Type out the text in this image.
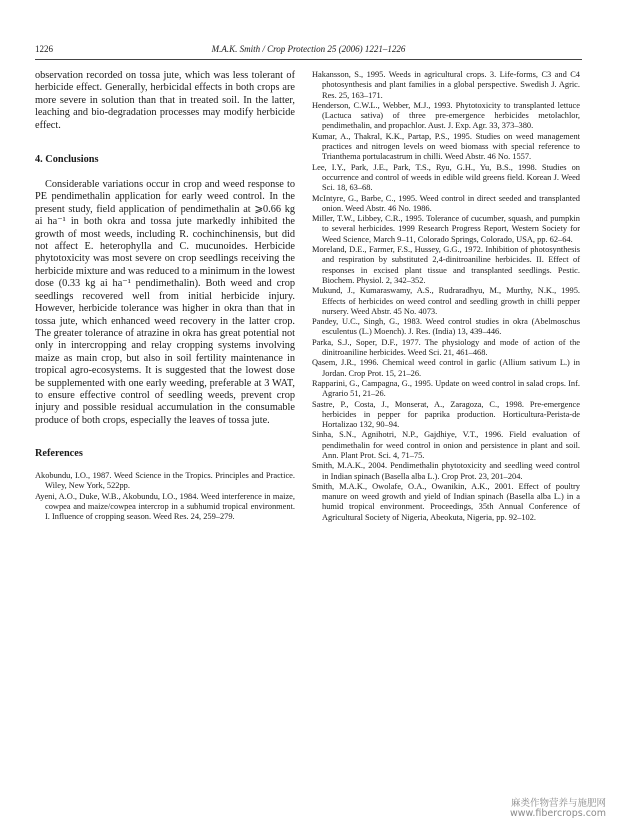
1226	M.A.K. Smith / Crop Protection 25 (2006) 1221–1226

observation recorded on tossa jute, which was less tolerant of herbicide effect. Generally, herbicidal effects in both crops are more severe in solution than that in treated soil. In the latter, leaching and bio-degradation processes may modify herbicide effect.

4. Conclusions

Considerable variations occur in crop and weed response to PE pendimethalin application for early weed control. In the present study, field application of pendimethalin at ⩾0.66 kg ai ha⁻¹ in both okra and tossa jute markedly inhibited the growth of most weeds, including R. cochinchinensis, but did not affect E. heterophylla and C. mucunoides. Herbicide phytotoxicity was most severe on crop seedlings receiving the herbicide mixture and was reduced to a minimum in the lowest dose (0.33 kg ai ha⁻¹ pendimethalin). Both weed and crop seedlings recovered well from initial herbicide injury. However, herbicide tolerance was higher in okra than that in tossa jute, which enhanced weed recovery in the latter crop. The greater tolerance of atrazine in okra has great potential not only in intercropping and relay cropping systems involving maize as main crop, but also in soil fertility maintenance in tropical agro-ecosystems. It is suggested that the lowest dose be supplemented with one early weeding, preferable at 3 WAT, to ensure effective control of seedling weeds, prevent crop injury and possible residual accumulation in the consumable produce of both crops, especially the leaves of tossa jute.

References

Akobundu, I.O., 1987. Weed Science in the Tropics. Principles and Practice. Wiley, New York, 522pp.

Ayeni, A.O., Duke, W.B., Akobundu, I.O., 1984. Weed interference in maize, cowpea and maize/cowpea intercrop in a subhumid tropical environment. I. Influence of cropping season. Weed Res. 24, 259–279.

Hakansson, S., 1995. Weeds in agricultural crops. 3. Life-forms, C3 and C4 photosynthesis and plant families in a global perspective. Swedish J. Agric. Res. 25, 163–171.

Henderson, C.W.L., Webber, M.J., 1993. Phytotoxicity to transplanted lettuce (Lactuca sativa) of three pre-emergence herbicides metolachlor, pendimethalin, and propachlor. Aust. J. Exp. Agr. 33, 373–380.

Kumar, A., Thakral, K.K., Partap, P.S., 1995. Studies on weed management practices and nitrogen levels on weed biomass with special reference to Trianthema portulacastrum in chilli. Weed Abstr. 46 No. 1557.

Lee, I.Y., Park, J.E., Park, T.S., Ryu, G.H., Yu, B.S., 1998. Studies on occurrence and control of weeds in edible wild greens field. Korean J. Weed Sci. 18, 63–68.

McIntyre, G., Barbe, C., 1995. Weed control in direct seeded and transplanted onion. Weed Abstr. 46 No. 1986.

Miller, T.W., Libbey, C.R., 1995. Tolerance of cucumber, squash, and pumpkin to several herbicides. 1999 Research Progress Report, Western Society for Weed Science, March 9–11, Colorado Springs, Colorado, USA, pp. 62–64.

Moreland, D.E., Farmer, F.S., Hussey, G.G., 1972. Inhibition of photosynthesis and respiration by substituted 2,4-dinitroaniline herbicides. II. Effect of responses in excised plant tissue and transplanted seedlings. Pestic. Biochem. Physiol. 2, 342–352.

Mukund, J., Kumaraswamy, A.S., Rudraradhyu, M., Murthy, N.K., 1995. Effects of herbicides on weed control and seedling growth in chilli pepper nursery. Weed Abstr. 45 No. 4073.

Pandey, U.C., Singh, G., 1983. Weed control studies in okra (Abelmoschus esculentus (L.) Moench). J. Res. (India) 13, 439–446.

Parka, S.J., Soper, D.F., 1977. The physiology and mode of action of the dinitroaniline herbicides. Weed Sci. 21, 461–468.

Qasem, J.R., 1996. Chemical weed control in garlic (Allium sativum L.) in Jordan. Crop Prot. 15, 21–26.

Rapparini, G., Campagna, G., 1995. Update on weed control in salad crops. Inf. Agrario 51, 21–26.

Sastre, P., Costa, J., Monserat, A., Zaragoza, C., 1998. Pre-emergence herbicides in pepper for paprika production. Horticultura-Perista-de Hortalizao 132, 90–94.

Sinha, S.N., Agnihotri, N.P., Gajdhiye, V.T., 1996. Field evaluation of pendimethalin for weed control in onion and persistence in plant and soil. Ann. Plant Prot. Sci. 4, 71–75.

Smith, M.A.K., 2004. Pendimethalin phytotoxicity and seedling weed control in Indian spinach (Basella alba L.). Crop Prot. 23, 201–204.

Smith, M.A.K., Owolafe, O.A., Owanikin, A.K., 2001. Effect of poultry manure on weed growth and yield of Indian spinach (Basella alba L.) in a humid tropical environment. Proceedings, 35th Annual Conference of Agricultural Society of Nigeria, Abeokuta, Nigeria, pp. 92–102.

麻类作物营养与施肥网
www.fibercrops.com
